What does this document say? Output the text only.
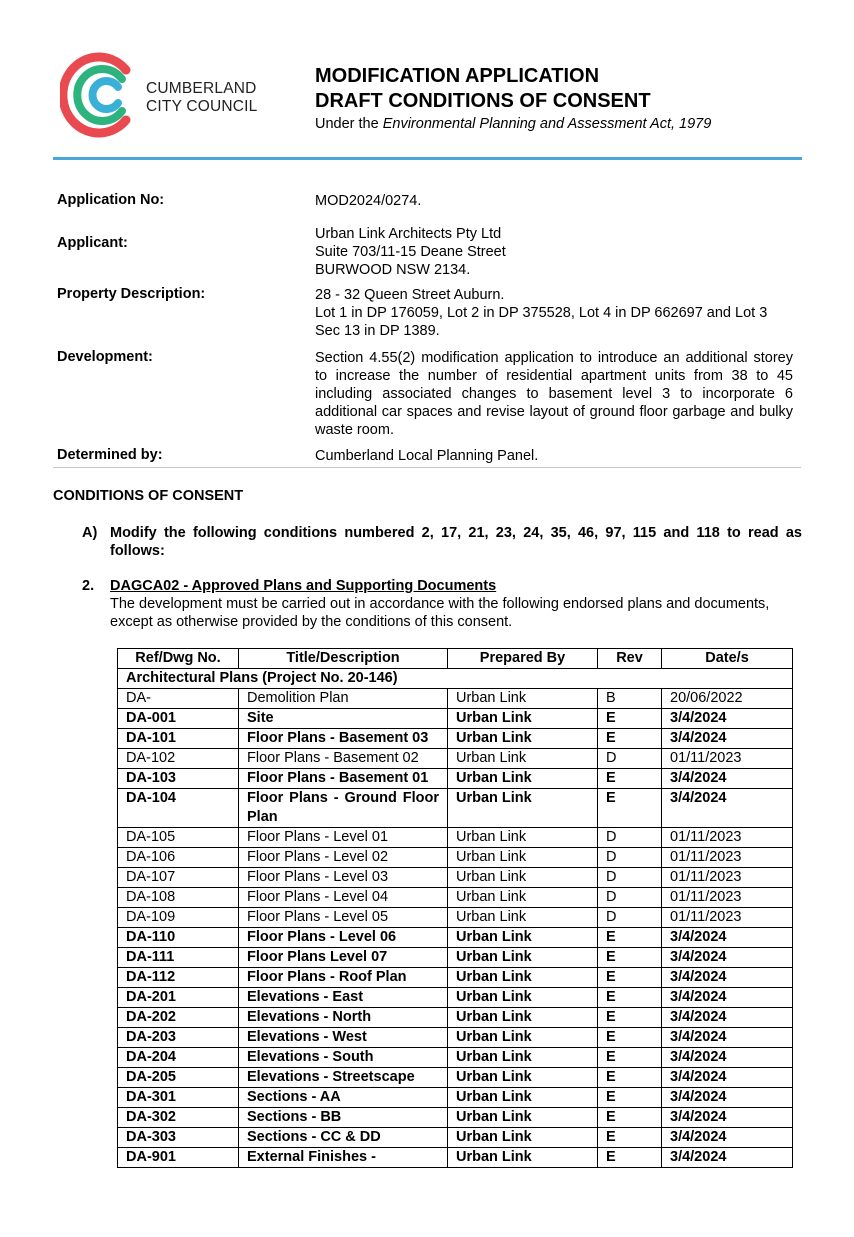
CUMBERLAND
CITY COUNCIL
MODIFICATION APPLICATION
DRAFT CONDITIONS OF CONSENT
Under the Environmental Planning and Assessment Act, 1979
Application No:	MOD2024/0274.
Applicant:
Urban Link Architects Pty Ltd
Suite 703/11-15 Deane Street
BURWOOD NSW 2134.
Property Description:	28 - 32 Queen Street Auburn.
Lot 1 in DP 176059, Lot 2 in DP 375528, Lot 4 in DP 662697 and Lot 3 Sec 13 in DP 1389.
Development:	Section 4.55(2) modification application to introduce an additional storey to increase the number of residential apartment units from 38 to 45 including associated changes to basement level 3 to incorporate 6 additional car spaces and revise layout of ground floor garbage and bulky waste room.
Determined by:	Cumberland Local Planning Panel.
CONDITIONS OF CONSENT
A) Modify the following conditions numbered 2, 17, 21, 23, 24, 35, 46, 97, 115 and 118 to read as follows:
2.	DAGCA02 - Approved Plans and Supporting Documents
The development must be carried out in accordance with the following endorsed plans and documents, except as otherwise provided by the conditions of this consent.
Ref/Dwg No.	Title/Description	Prepared By	Rev	Date/s
Architectural Plans (Project No. 20-146)				
DA-	Demolition Plan	Urban Link	B	20/06/2022
DA-001	Site	Urban Link	E	3/4/2024
DA-101	Floor Plans - Basement 03	Urban Link	E	3/4/2024
DA-102	Floor Plans - Basement 02	Urban Link	D	01/11/2023
DA-103	Floor Plans - Basement 01	Urban Link	E	3/4/2024
DA-104	Floor Plans - Ground Floor Plan	Urban Link	E	3/4/2024
DA-105	Floor Plans - Level 01	Urban Link	D	01/11/2023
DA-106	Floor Plans - Level 02	Urban Link	D	01/11/2023
DA-107	Floor Plans - Level 03	Urban Link	D	01/11/2023
DA-108	Floor Plans - Level 04	Urban Link	D	01/11/2023
DA-109	Floor Plans - Level 05	Urban Link	D	01/11/2023
DA-110	Floor Plans - Level 06	Urban Link	E	3/4/2024
DA-111	Floor Plans Level 07	Urban Link	E	3/4/2024
DA-112	Floor Plans - Roof Plan	Urban Link	E	3/4/2024
DA-201	Elevations - East	Urban Link	E	3/4/2024
DA-202	Elevations - North	Urban Link	E	3/4/2024
DA-203	Elevations - West	Urban Link	E	3/4/2024
DA-204	Elevations - South	Urban Link	E	3/4/2024
DA-205	Elevations - Streetscape	Urban Link	E	3/4/2024
DA-301	Sections - AA	Urban Link	E	3/4/2024
DA-302	Sections - BB	Urban Link	E	3/4/2024
DA-303	Sections - CC & DD	Urban Link	E	3/4/2024
DA-901	External Finishes -	Urban Link	E	3/4/2024
